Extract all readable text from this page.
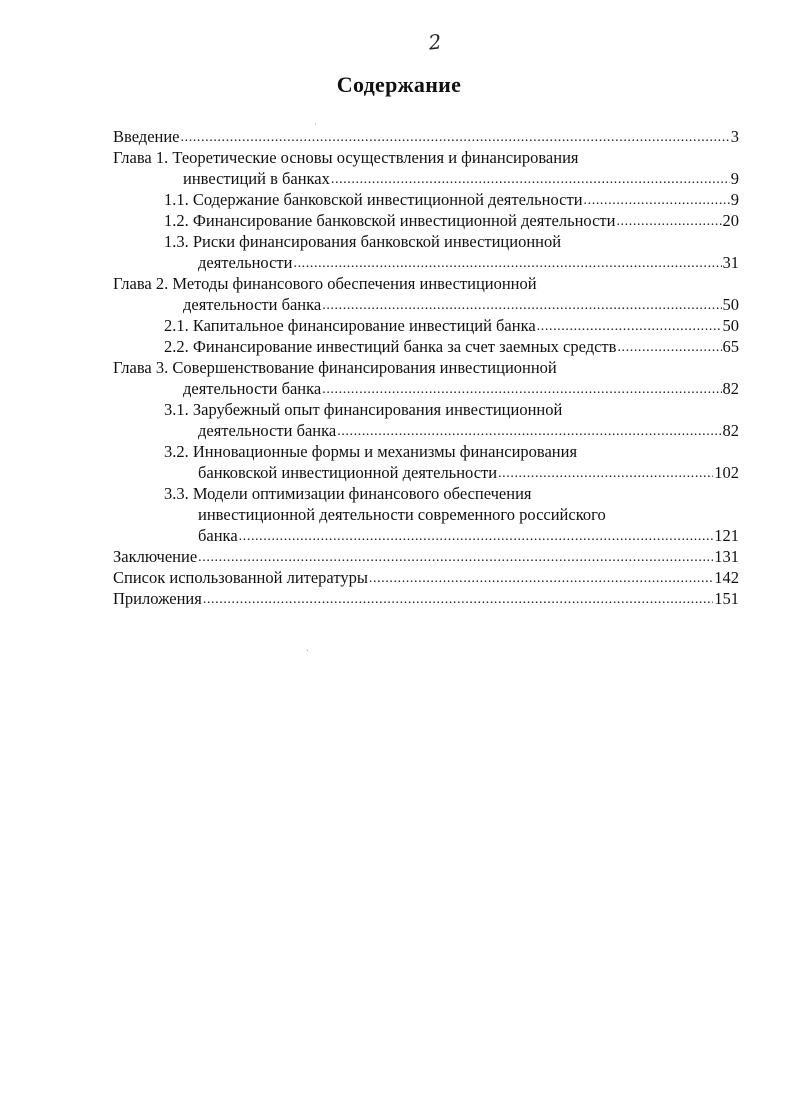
2
Содержание
Введение .....	3
Глава 1. Теоретические основы осуществления и финансирования
инвестиций в банках .....	9
1.1. Содержание банковской инвестиционной деятельности .....	9
1.2. Финансирование банковской инвестиционной деятельности .....	20
1.3. Риски финансирования банковской инвестиционной
деятельности .....	31
Глава 2. Методы финансового обеспечения инвестиционной
деятельности банка .....	50
2.1. Капитальное финансирование инвестиций банка .....	50
2.2. Финансирование инвестиций банка за счет заемных средств .....	65
Глава 3. Совершенствование финансирования инвестиционной
деятельности банка .....	82
3.1. Зарубежный опыт финансирования инвестиционной
деятельности банка .....	82
3.2. Инновационные формы и механизмы финансирования
банковской инвестиционной деятельности .....	102
3.3. Модели оптимизации финансового обеспечения
инвестиционной деятельности современного российского
банка .....	121
Заключение .....	131
Список использованной литературы .....	142
Приложения .....	151
˙
ˏ
